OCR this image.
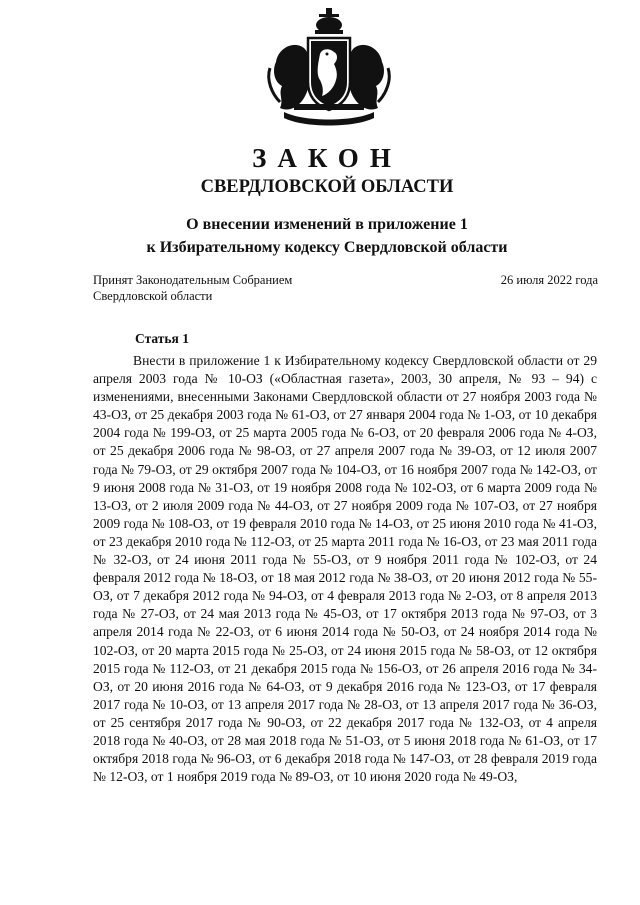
ЗАКОН
СВЕРДЛОВСКОЙ ОБЛАСТИ
О внесении изменений в приложение 1
к Избирательному кодексу Свердловской области
Принят Законодательным Собранием
Свердловской области
26 июля 2022 года
Статья 1
Внести в приложение 1 к Избирательному кодексу Свердловской области от 29 апреля 2003 года № 10-ОЗ («Областная газета», 2003, 30 апреля, № 93 – 94) с изменениями, внесенными Законами Свердловской области от 27 ноября 2003 года № 43-ОЗ, от 25 декабря 2003 года № 61-ОЗ, от 27 января 2004 года № 1-ОЗ, от 10 декабря 2004 года № 199-ОЗ, от 25 марта 2005 года № 6-ОЗ, от 20 февраля 2006 года № 4-ОЗ, от 25 декабря 2006 года № 98-ОЗ, от 27 апреля 2007 года № 39-ОЗ, от 12 июля 2007 года № 79-ОЗ, от 29 октября 2007 года № 104-ОЗ, от 16 ноября 2007 года № 142-ОЗ, от 9 июня 2008 года № 31-ОЗ, от 19 ноября 2008 года № 102-ОЗ, от 6 марта 2009 года № 13-ОЗ, от 2 июля 2009 года № 44-ОЗ, от 27 ноября 2009 года № 107-ОЗ, от 27 ноября 2009 года № 108-ОЗ, от 19 февраля 2010 года № 14-ОЗ, от 25 июня 2010 года № 41-ОЗ, от 23 декабря 2010 года № 112-ОЗ, от 25 марта 2011 года № 16-ОЗ, от 23 мая 2011 года № 32-ОЗ, от 24 июня 2011 года № 55-ОЗ, от 9 ноября 2011 года № 102-ОЗ, от 24 февраля 2012 года № 18-ОЗ, от 18 мая 2012 года № 38-ОЗ, от 20 июня 2012 года № 55-ОЗ, от 7 декабря 2012 года № 94-ОЗ, от 4 февраля 2013 года № 2-ОЗ, от 8 апреля 2013 года № 27-ОЗ, от 24 мая 2013 года № 45-ОЗ, от 17 октября 2013 года № 97-ОЗ, от 3 апреля 2014 года № 22-ОЗ, от 6 июня 2014 года № 50-ОЗ, от 24 ноября 2014 года № 102-ОЗ, от 20 марта 2015 года № 25-ОЗ, от 24 июня 2015 года № 58-ОЗ, от 12 октября 2015 года № 112-ОЗ, от 21 декабря 2015 года № 156-ОЗ, от 26 апреля 2016 года № 34-ОЗ, от 20 июня 2016 года № 64-ОЗ, от 9 декабря 2016 года № 123-ОЗ, от 17 февраля 2017 года № 10-ОЗ, от 13 апреля 2017 года № 28-ОЗ, от 13 апреля 2017 года № 36-ОЗ, от 25 сентября 2017 года № 90-ОЗ, от 22 декабря 2017 года № 132-ОЗ, от 4 апреля 2018 года № 40-ОЗ, от 28 мая 2018 года № 51-ОЗ, от 5 июня 2018 года № 61-ОЗ, от 17 октября 2018 года № 96-ОЗ, от 6 декабря 2018 года № 147-ОЗ, от 28 февраля 2019 года № 12-ОЗ, от 1 ноября 2019 года № 89-ОЗ, от 10 июня 2020 года № 49-ОЗ,
